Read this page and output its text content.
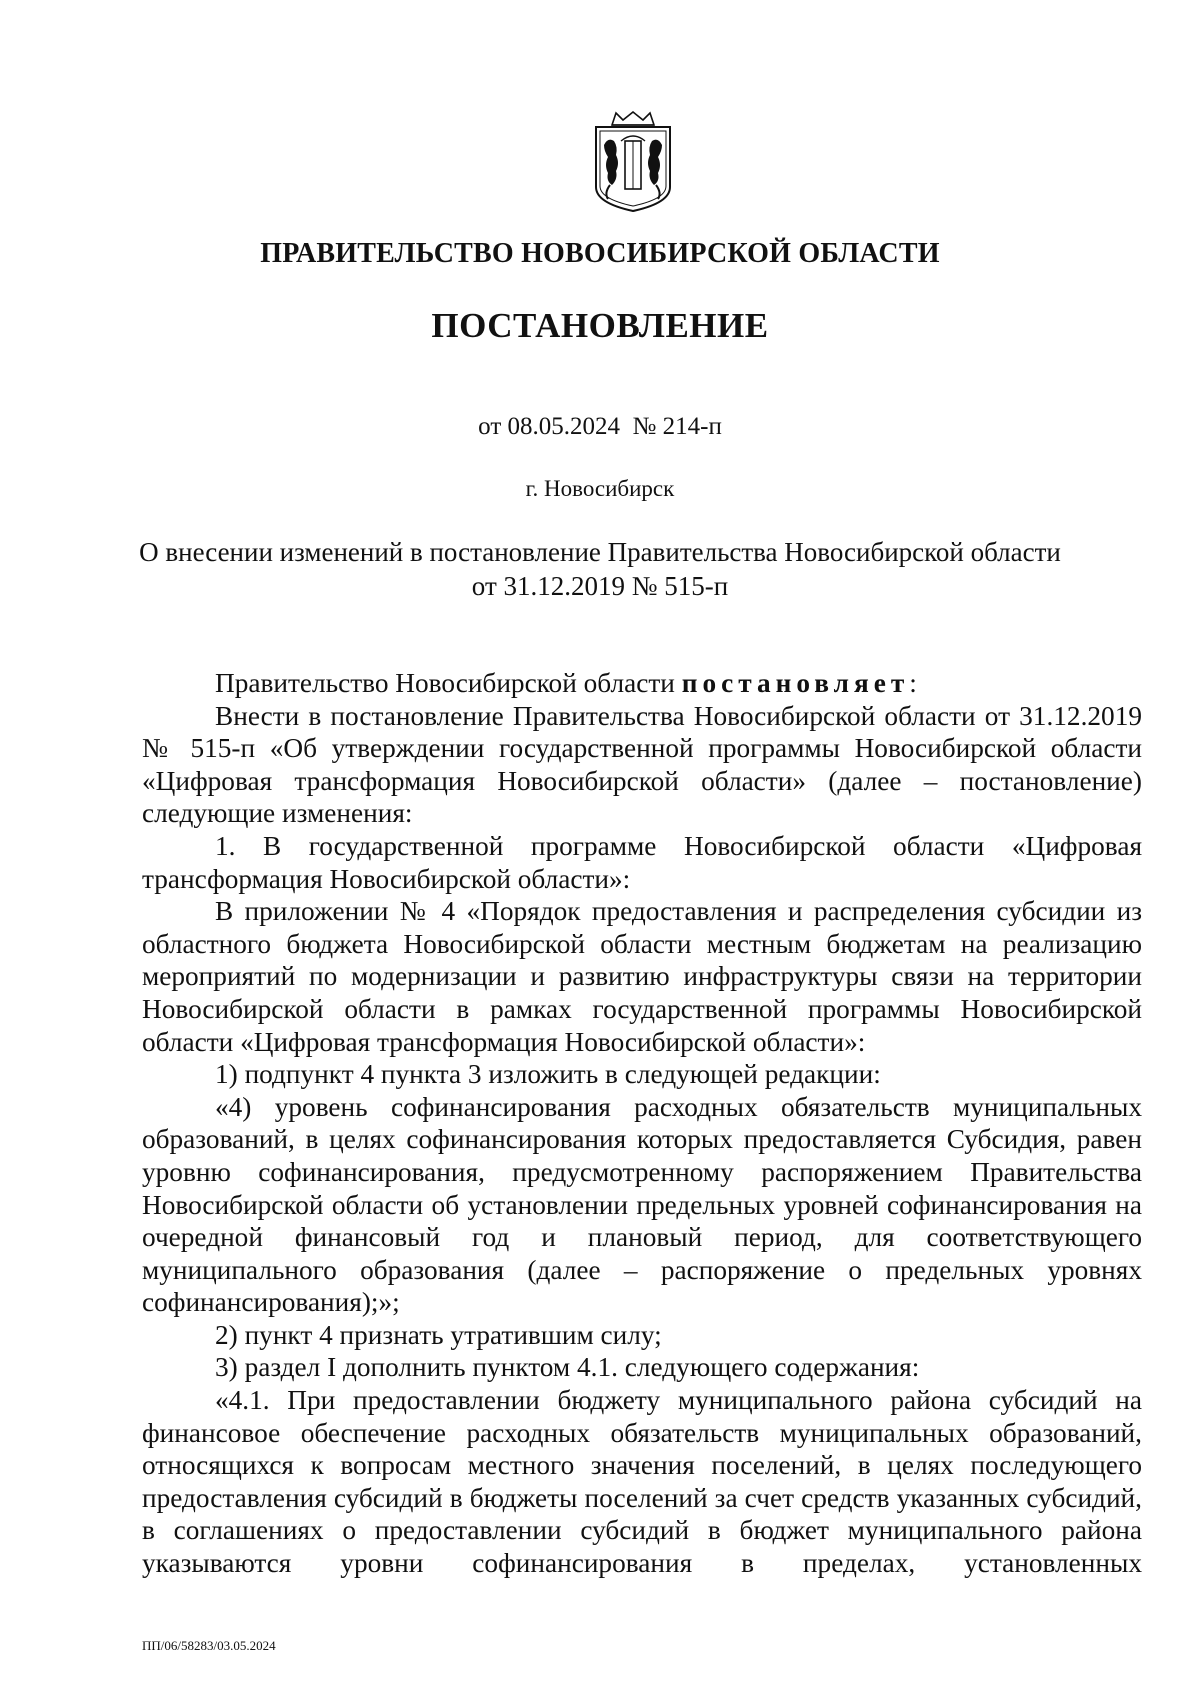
ПРАВИТЕЛЬСТВО НОВОСИБИРСКОЙ ОБЛАСТИ
ПОСТАНОВЛЕНИЕ
от 08.05.2024  № 214-п
г. Новосибирск
О внесении изменений в постановление Правительства Новосибирской области
от 31.12.2019 № 515-п

Правительство Новосибирской области постановляет:

Внести в постановление Правительства Новосибирской области от 31.12.2019 № 515-п «Об утверждении государственной программы Новосибирской области «Цифровая трансформация Новосибирской области» (далее – постановление) следующие изменения:

1. В государственной программе Новосибирской области «Цифровая трансформация Новосибирской области»:

В приложении № 4 «Порядок предоставления и распределения субсидии из областного бюджета Новосибирской области местным бюджетам на реализацию мероприятий по модернизации и развитию инфраструктуры связи на территории Новосибирской области в рамках государственной программы Новосибирской области «Цифровая трансформация Новосибирской области»:

1) подпункт 4 пункта 3 изложить в следующей редакции:

«4) уровень софинансирования расходных обязательств муниципальных образований, в целях софинансирования которых предоставляется Субсидия, равен уровню софинансирования, предусмотренному распоряжением Правительства Новосибирской области об установлении предельных уровней софинансирования на очередной финансовый год и плановый период, для соответствующего муниципального образования (далее – распоряжение о предельных уровнях софинансирования);»;

2) пункт 4 признать утратившим силу;

3) раздел I дополнить пунктом 4.1. следующего содержания:

«4.1. При предоставлении бюджету муниципального района субсидий на финансовое обеспечение расходных обязательств муниципальных образований, относящихся к вопросам местного значения поселений, в целях последующего предоставления субсидий в бюджеты поселений за счет средств указанных субсидий, в соглашениях о предоставлении субсидий в бюджет муниципального района указываются уровни софинансирования в пределах, установленных

ПП/06/58283/03.05.2024
